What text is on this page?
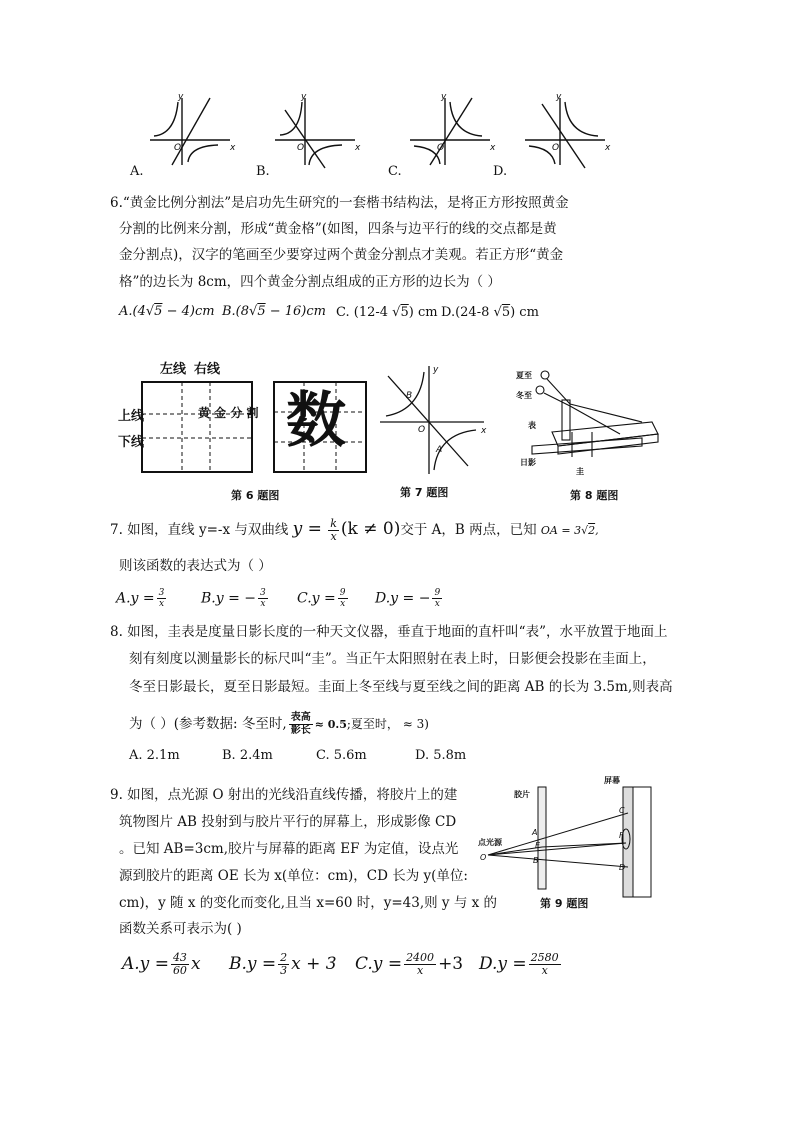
y
x
O
y
x
O
y
x
O
y
x
O
A.	B.	C.	D.
6.“黄金比例分割法”是启功先生研究的一套楷书结构法，是将正方形按照黄金
分割的比例来分割，形成“黄金格”(如图，四条与边平行的线的交点都是黄
金分割点)，汉字的笔画至少要穿过两个黄金分割点才美观。若正方形“黄金
格”的边长为 8cm，四个黄金分割点组成的正方形的边长为（ ）
A.(4√5 − 4)cm B.(8√5 − 16)cm C. (12-4 √5) cm D.(24-8 √5) cm
左线 右线
上线
下线
黄 金 分 割 数
第 6 题图
y
x
O
B
A
第 7 题图
夏至
冬至
表
日影
圭
第 8 题图
7. 如图，直线 y=-x 与双曲线 $y = \frac{k}{x} (k \ne 0)$交于 A，B 两点，已知 OA = 3√2,
则该函数的表达式为（ ）
$A.y = \frac{3}{x} B.y$ = − $\frac{3}{x} C.y = \frac{9}{x} D.y$ = − $\frac{9}{x}$
8. 如图，圭表是度量日影长度的一种天文仪器，垂直于地面的直杆叫“表”，水平放置于地面上
刻有刻度以测量影长的标尺叫“圭”。当正午太阳照射在表上时，日影便会投影在圭面上，
冬至日影最长，夏至日影最短。圭面上冬至线与夏至线之间的距离 AB 的长为 3.5m,则表高
为（ ）(参考数据: 冬至时, $\frac{\text{表高}}{\text{影长}} \approx 0.5$;夏至时， ≈ 3)
A. 2.1m	B. 2.4m	C. 5.6m	D. 5.8m
9. 如图，点光源 O 射出的光线沿直线传播，将胶片上的建
筑物图片 AB 投射到与胶片平行的屏幕上，形成影像 CD
。已知 AB=3cm,胶片与屏幕的距离 EF 为定值，设点光
源到胶片的距离 OE 长为 x(单位：cm)，CD 长为 y(单位:
cm)，y 随 x 的变化而变化,且当 x=60 时，y=43,则 y 与 x 的
函数关系可表示为( )
胶片
屏幕
点光源
O
A
B
E
F
C
D
第 9 题图
$A.y = \frac{43}{60}$ x $B.y = \frac{2}{3}$ x + 3 $C.y = \frac{2400}{x} +3$ $D.y = \frac{2580}{x}$
